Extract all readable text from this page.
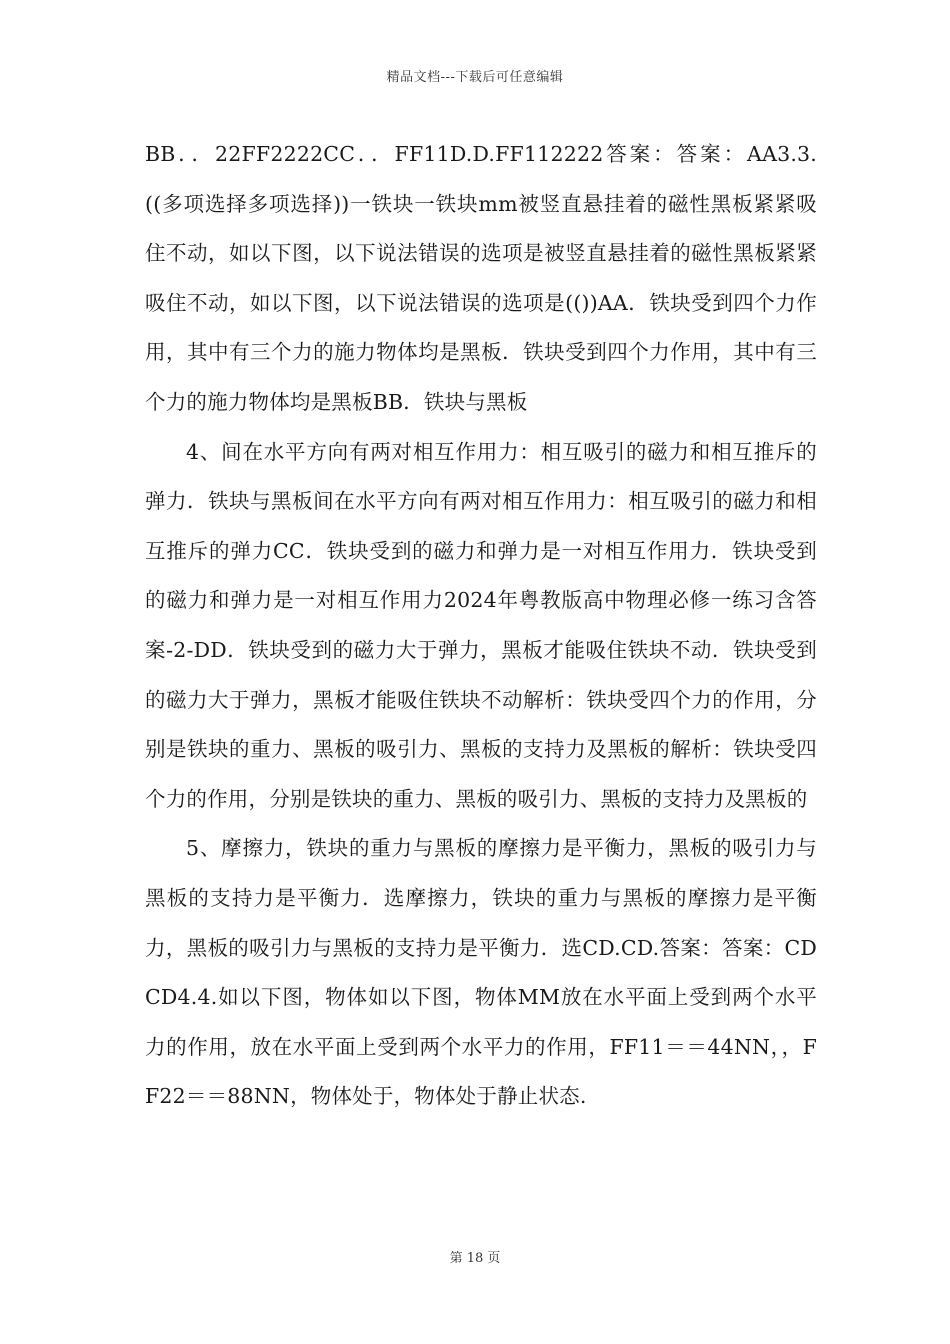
精品文档---下载后可任意编辑

BB．．22FF2222CC．．FF11D.D.FF112222答案：答案：AA3.3.((多项选择多项选择))一铁块一铁块mm被竖直悬挂着的磁性黑板紧紧吸住不动，如以下图，以下说法错误的选项是被竖直悬挂着的磁性黑板紧紧吸住不动，如以下图，以下说法错误的选项是(())AA．铁块受到四个力作用，其中有三个力的施力物体均是黑板．铁块受到四个力作用，其中有三个力的施力物体均是黑板BB．铁块与黑板

4、间在水平方向有两对相互作用力：相互吸引的磁力和相互推斥的弹力．铁块与黑板间在水平方向有两对相互作用力：相互吸引的磁力和相互推斥的弹力CC．铁块受到的磁力和弹力是一对相互作用力．铁块受到的磁力和弹力是一对相互作用力2024年粤教版高中物理必修一练习含答案-2-DD．铁块受到的磁力大于弹力，黑板才能吸住铁块不动．铁块受到的磁力大于弹力，黑板才能吸住铁块不动解析：铁块受四个力的作用，分别是铁块的重力、黑板的吸引力、黑板的支持力及黑板的解析：铁块受四个力的作用，分别是铁块的重力、黑板的吸引力、黑板的支持力及黑板的

5、摩擦力，铁块的重力与黑板的摩擦力是平衡力，黑板的吸引力与黑板的支持力是平衡力．选摩擦力，铁块的重力与黑板的摩擦力是平衡力，黑板的吸引力与黑板的支持力是平衡力．选CD.CD.答案：答案：CDCD4.4.如以下图，物体如以下图，物体MM放在水平面上受到两个水平力的作用，放在水平面上受到两个水平力的作用，FF11＝＝44NN，，FF22＝＝88NN，物体处于，物体处于静止状态.

第 18 页
